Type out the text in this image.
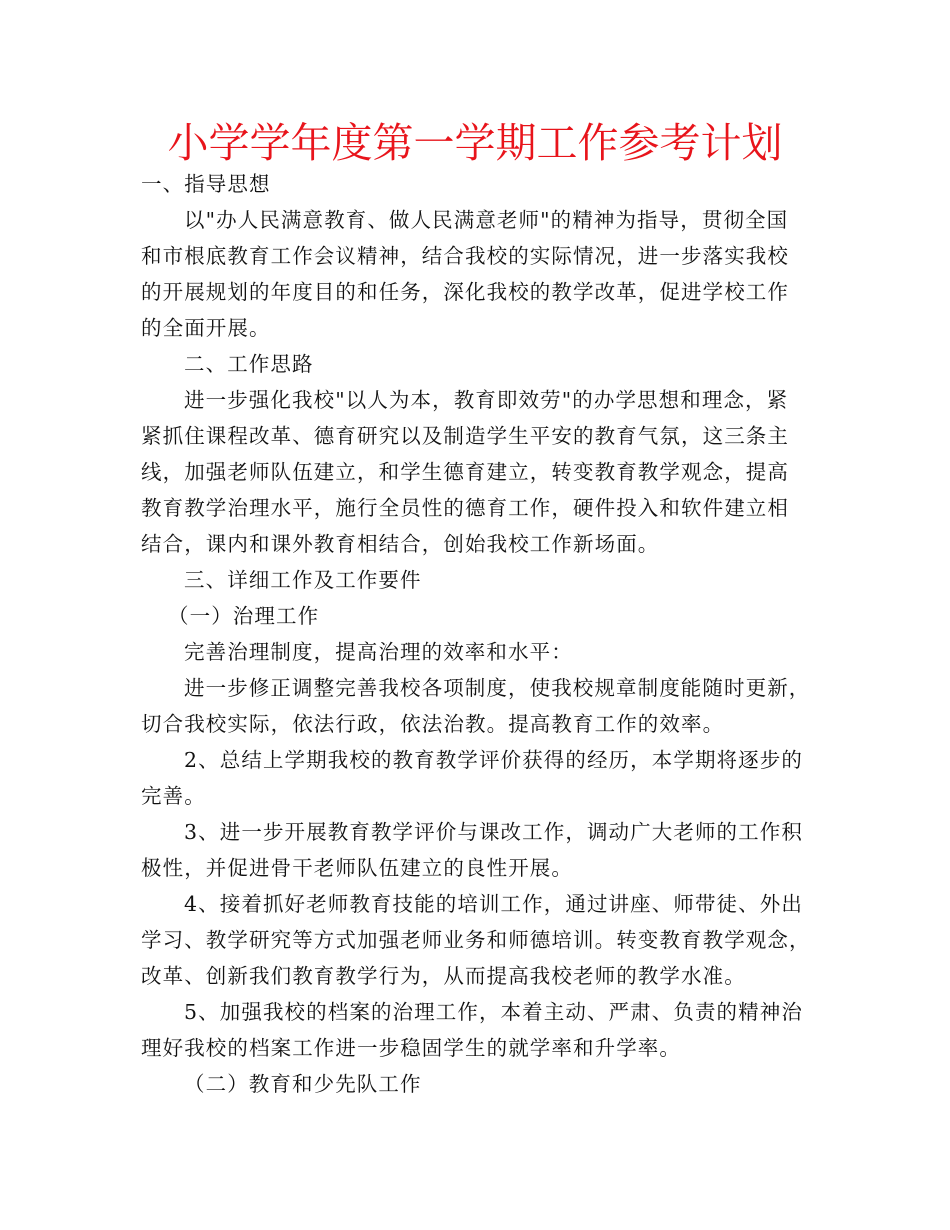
小学学年度第一学期工作参考计划
一、指导思想
以"办人民满意教育、做人民满意老师"的精神为指导，贯彻全国
和市根底教育工作会议精神，结合我校的实际情况，进一步落实我校
的开展规划的年度目的和任务，深化我校的教学改革，促进学校工作
的全面开展。
二、工作思路
进一步强化我校"以人为本，教育即效劳"的办学思想和理念，紧
紧抓住课程改革、德育研究以及制造学生平安的教育气氛，这三条主
线，加强老师队伍建立，和学生德育建立，转变教育教学观念，提高
教育教学治理水平，施行全员性的德育工作，硬件投入和软件建立相
结合，课内和课外教育相结合，创始我校工作新场面。
三、详细工作及工作要件
（一）治理工作
完善治理制度，提高治理的效率和水平：
进一步修正调整完善我校各项制度，使我校规章制度能随时更新，
切合我校实际，依法行政，依法治教。提高教育工作的效率。
2、总结上学期我校的教育教学评价获得的经历，本学期将逐步的
完善。
3、进一步开展教育教学评价与课改工作，调动广大老师的工作积
极性，并促进骨干老师队伍建立的良性开展。
4、接着抓好老师教育技能的培训工作，通过讲座、师带徒、外出
学习、教学研究等方式加强老师业务和师德培训。转变教育教学观念，
改革、创新我们教育教学行为，从而提高我校老师的教学水准。
5、加强我校的档案的治理工作，本着主动、严肃、负责的精神治
理好我校的档案工作进一步稳固学生的就学率和升学率。
（二）教育和少先队工作
